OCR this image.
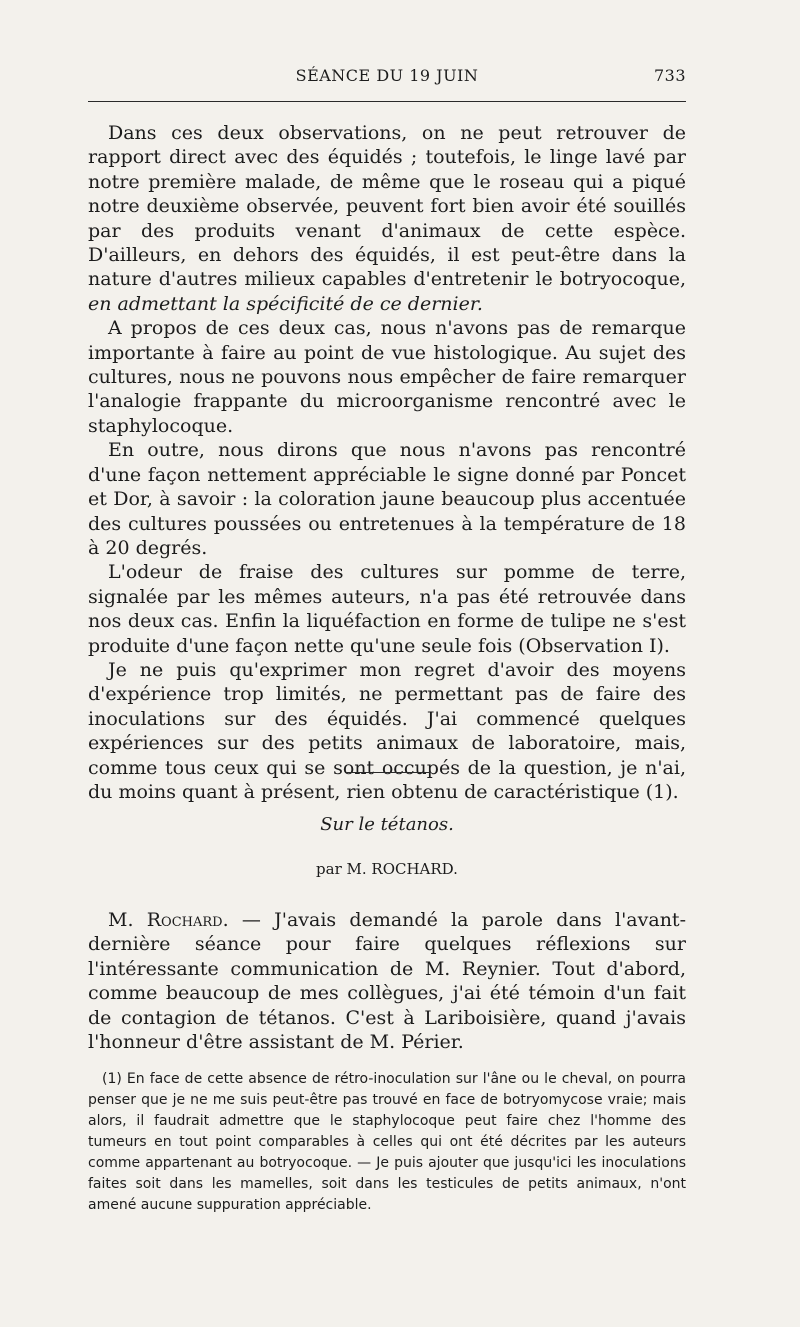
SÉANCE DU 19 JUIN	733

Dans ces deux observations, on ne peut retrouver de rapport direct avec des équidés ; toutefois, le linge lavé par notre première malade, de même que le roseau qui a piqué notre deuxième observée, peuvent fort bien avoir été souillés par des produits venant d'animaux de cette espèce. D'ailleurs, en dehors des équidés, il est peut-être dans la nature d'autres milieux capables d'entretenir le botryocoque, en admettant la spécificité de ce dernier.

A propos de ces deux cas, nous n'avons pas de remarque importante à faire au point de vue histologique. Au sujet des cultures, nous ne pouvons nous empêcher de faire remarquer l'analogie frappante du microorganisme rencontré avec le staphylocoque.

En outre, nous dirons que nous n'avons pas rencontré d'une façon nettement appréciable le signe donné par Poncet et Dor, à savoir : la coloration jaune beaucoup plus accentuée des cultures poussées ou entretenues à la température de 18 à 20 degrés.

L'odeur de fraise des cultures sur pomme de terre, signalée par les mêmes auteurs, n'a pas été retrouvée dans nos deux cas. Enfin la liquéfaction en forme de tulipe ne s'est produite d'une façon nette qu'une seule fois (Observation I).

Je ne puis qu'exprimer mon regret d'avoir des moyens d'expérience trop limités, ne permettant pas de faire des inoculations sur des équidés. J'ai commencé quelques expériences sur des petits animaux de laboratoire, mais, comme tous ceux qui se sont occupés de la question, je n'ai, du moins quant à présent, rien obtenu de caractéristique (1).

Sur le tétanos.
par M. ROCHARD.

M. Rochard. — J'avais demandé la parole dans l'avant-dernière séance pour faire quelques réflexions sur l'intéressante communication de M. Reynier. Tout d'abord, comme beaucoup de mes collègues, j'ai été témoin d'un fait de contagion de tétanos. C'est à Lariboisière, quand j'avais l'honneur d'être assistant de M. Périer.

(1) En face de cette absence de rétro-inoculation sur l'âne ou le cheval, on pourra penser que je ne me suis peut-être pas trouvé en face de botryomycose vraie; mais alors, il faudrait admettre que le staphylocoque peut faire chez l'homme des tumeurs en tout point comparables à celles qui ont été décrites par les auteurs comme appartenant au botryocoque. — Je puis ajouter que jusqu'ici les inoculations faites soit dans les mamelles, soit dans les testicules de petits animaux, n'ont amené aucune suppuration appréciable.
